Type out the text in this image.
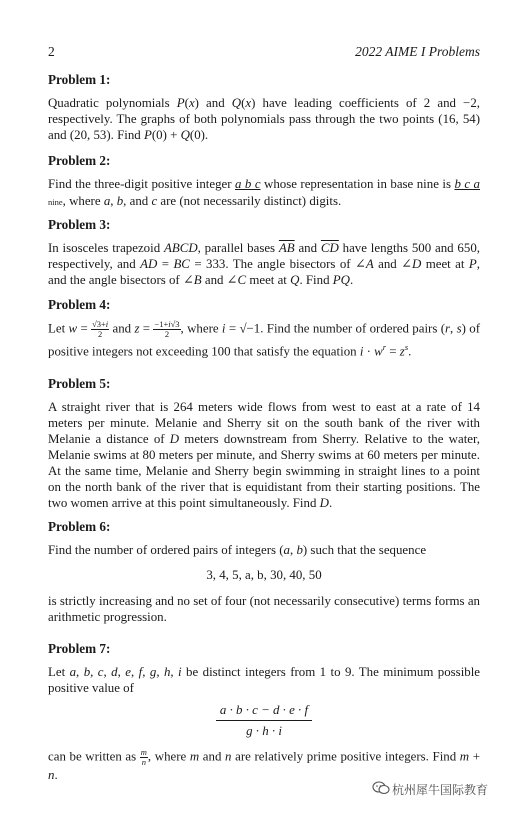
2	2022 AIME I Problems
Problem 1:

Quadratic polynomials P(x) and Q(x) have leading coefficients of 2 and −2, respectively. The graphs of both polynomials pass through the two points (16, 54) and (20, 53). Find P(0) + Q(0).

Problem 2:

Find the three-digit positive integer a b c whose representation in base nine is b c a nine, where a, b, and c are (not necessarily distinct) digits.

Problem 3:

In isosceles trapezoid ABCD, parallel bases $\overline{AB}$ and $\overline{CD}$ have lengths 500 and 650, respectively, and AD = BC = 333. The angle bisectors of ∠A and ∠D meet at P, and the angle bisectors of ∠B and ∠C meet at Q. Find PQ.

Problem 4:

Let $w = \frac{√3+i}{2}$ and $z = \frac{-1+i√3}{2}$ , where i = √−1. Find the number of ordered pairs (r, s) of positive integers not exceeding 100 that satisfy the equation $i \cdot w^r = z^s$.

Problem 5:

A straight river that is 264 meters wide flows from west to east at a rate of 14 meters per minute. Melanie and Sherry sit on the south bank of the river with Melanie a distance of D meters downstream from Sherry. Relative to the water, Melanie swims at 80 meters per minute, and Sherry swims at 60 meters per minute. At the same time, Melanie and Sherry begin swimming in straight lines to a point on the north bank of the river that is equidistant from their starting positions. The two women arrive at this point simultaneously. Find D.

Problem 6:

Find the number of ordered pairs of integers (a, b) such that the sequence

3, 4, 5, a, b, 30, 40, 50

is strictly increasing and no set of four (not necessarily consecutive) terms forms an arithmetic progression.

Problem 7:

Let a, b, c, d, e, f, g, h, i be distinct integers from 1 to 9. The minimum possible positive value of

$\frac{a \cdot b \cdot c - d \cdot e \cdot f}{g \cdot h \cdot i}$

can be written as $\frac{m}{n}$ , where m and n are relatively prime positive integers. Find m + n.

杭州犀牛国际教育
